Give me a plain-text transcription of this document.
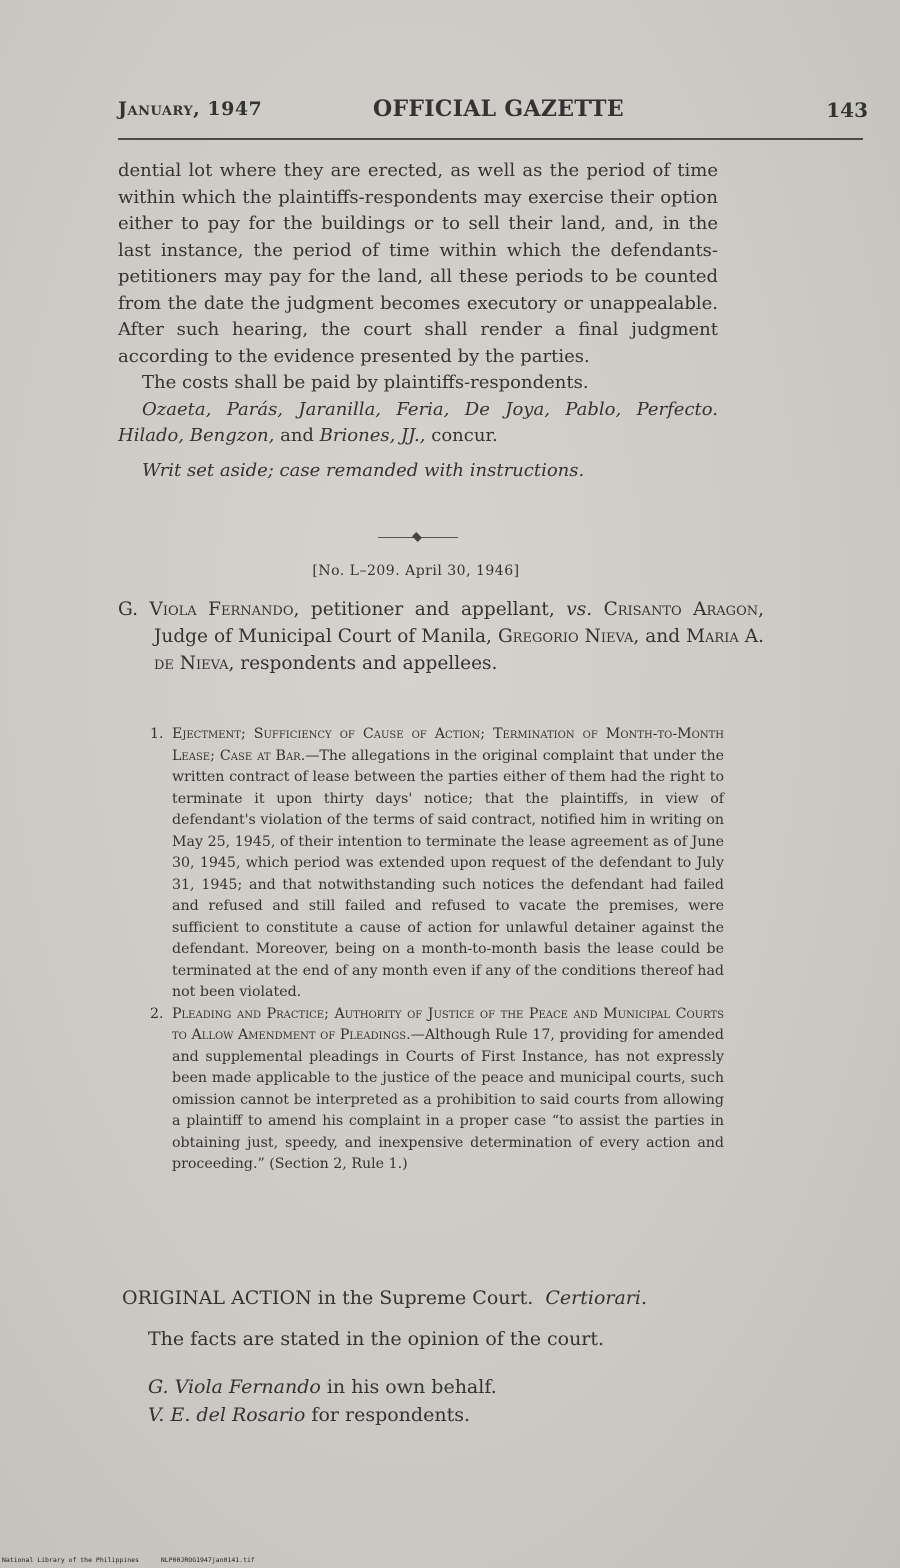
January, 1947	OFFICIAL GAZETTE	143

dential lot where they are erected, as well as the period of time within which the plaintiffs-respondents may exercise their option either to pay for the buildings or to sell their land, and, in the last instance, the period of time within which the defendants-petitioners may pay for the land, all these periods to be counted from the date the judgment becomes executory or unappealable. After such hearing, the court shall render a final judgment according to the evidence presented by the parties.

The costs shall be paid by plaintiffs-respondents.

Ozaeta, Parás, Jaranilla, Feria, De Joya, Pablo, Perfecto. Hilado, Bengzon, and Briones, JJ., concur.

Writ set aside; case remanded with instructions.

[No. L–209. April 30, 1946]

G. Viola Fernando, petitioner and appellant, vs. Crisanto Aragon, Judge of Municipal Court of Manila, Gregorio Nieva, and Maria A. de Nieva, respondents and appellees.

1. Ejectment; Sufficiency of Cause of Action; Termination of Month-to-Month Lease; Case at Bar.—The allegations in the original complaint that under the written contract of lease between the parties either of them had the right to terminate it upon thirty days' notice; that the plaintiffs, in view of defendant's violation of the terms of said contract, notified him in writing on May 25, 1945, of their intention to terminate the lease agreement as of June 30, 1945, which period was extended upon request of the defendant to July 31, 1945; and that notwithstanding such notices the defendant had failed and refused and still failed and refused to vacate the premises, were sufficient to constitute a cause of action for unlawful detainer against the defendant. Moreover, being on a month-to-month basis the lease could be terminated at the end of any month even if any of the conditions thereof had not been violated.

2. Pleading and Practice; Authority of Justice of the Peace and Municipal Courts to Allow Amendment of Pleadings.—Although Rule 17, providing for amended and supplemental pleadings in Courts of First Instance, has not expressly been made applicable to the justice of the peace and municipal courts, such omission cannot be interpreted as a prohibition to said courts from allowing a plaintiff to amend his complaint in a proper case “to assist the parties in obtaining just, speedy, and inexpensive determination of every action and proceeding.” (Section 2, Rule 1.)

ORIGINAL ACTION in the Supreme Court. Certiorari.
The facts are stated in the opinion of the court.

G. Viola Fernando in his own behalf.

V. E. del Rosario for respondents.

National Library of the Philippines	NLP00JROG1947jan0141.tif
